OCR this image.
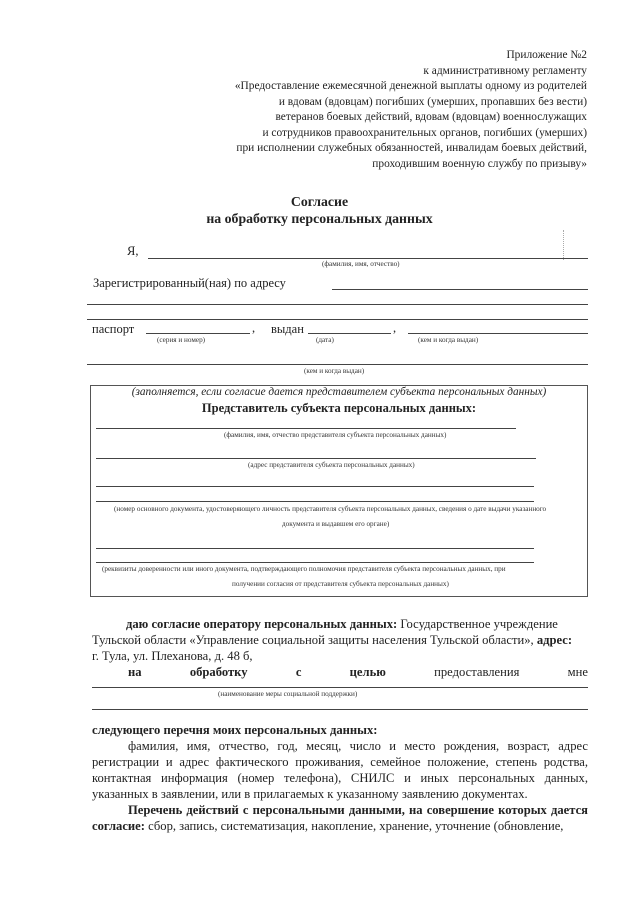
Приложение №2
к административному регламенту
«Предоставление ежемесячной денежной выплаты одному из родителей
и вдовам (вдовцам) погибших (умерших, пропавших без вести)
ветеранов боевых действий, вдовам (вдовцам) военнослужащих
и сотрудников правоохранительных органов, погибших (умерших)
при исполнении служебных обязанностей, инвалидам боевых действий,
проходившим военную службу по призыву»
Согласие
на обработку персональных данных
Я,
(фамилия, имя, отчество)
Зарегистрированный(ная) по адресу
паспорт
(серия и номер)
, выдан
(дата)
,
(кем и когда выдан)
(кем и когда выдан)
(заполняется, если согласие дается представителем субъекта персональных данных)
Представитель субъекта персональных данных:
(фамилия, имя, отчество представителя субъекта персональных данных)
(адрес представителя субъекта персональных данных)
(номер основного документа, удостоверяющего личность представителя субъекта персональных данных, сведения о дате выдачи указанного
документа и выдавшем его органе)
(реквизиты доверенности или иного документа, подтверждающего полномочия представителя субъекта персональных данных, при
получении согласия от представителя субъекта персональных данных)
даю согласие оператору персональных данных: Государственное учреждение
Тульской области «Управление социальной защиты населения Тульской области», адрес:
г. Тула, ул. Плеханова, д. 48 б,
на	обработку	с	целью	предоставления	мне
(наименование меры социальной поддержки)
следующего перечня моих персональных данных:
фамилия, имя, отчество, год, месяц, число и место рождения, возраст, адрес
регистрации и адрес фактического проживания, семейное положение, степень родства,
контактная информация (номер телефона), СНИЛС и иных персональных данных,
указанных в заявлении, или в прилагаемых к указанному заявлению документах.
Перечень действий с персональными данными, на совершение которых дается
согласие: сбор, запись, систематизация, накопление, хранение, уточнение (обновление,
